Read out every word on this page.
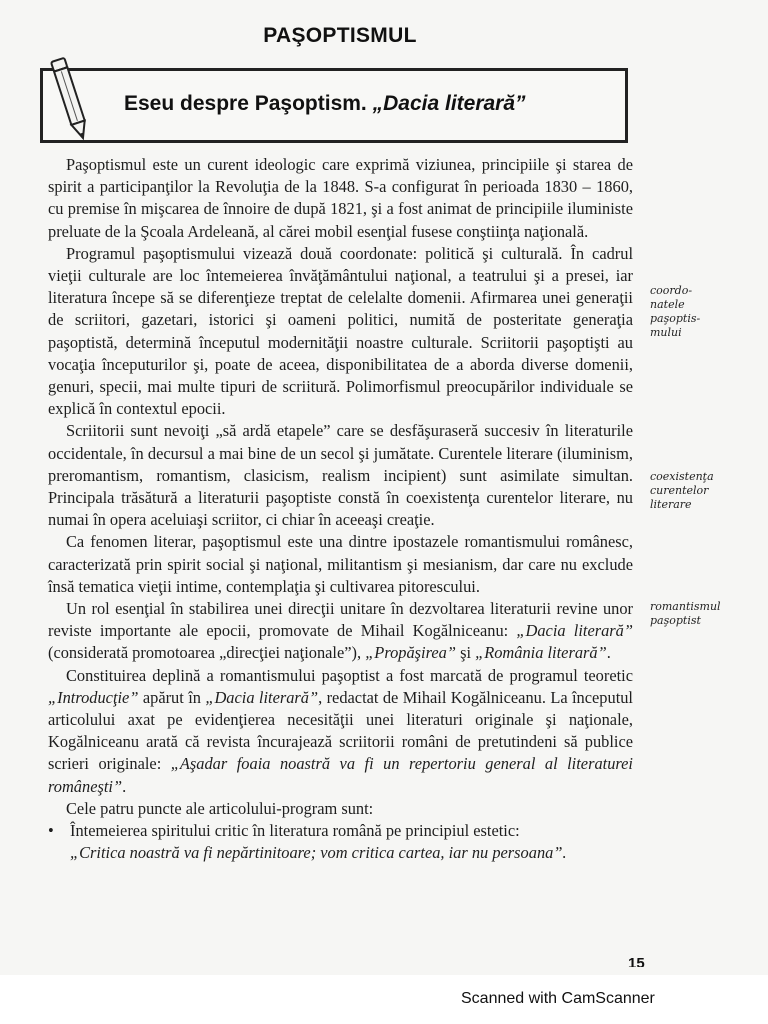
PAŞOPTISMUL
Eseu despre Paşoptism. „Dacia literară”

Paşoptismul este un curent ideologic care exprimă viziunea, principiile şi starea de spirit a participanţilor la Revoluţia de la 1848. S-a configurat în perioada 1830 – 1860, cu premise în mişcarea de înnoire de după 1821, şi a fost animat de principiile iluministe preluate de la Şcoala Ardeleană, al cărei mobil esenţial fusese conştiinţa naţională.

Programul paşoptismului vizează două coordonate: politică şi culturală. În cadrul vieţii culturale are loc întemeierea învăţământului naţional, a teatrului şi a presei, iar literatura începe să se diferenţieze treptat de celelalte domenii. Afirmarea unei generaţii de scriitori, gazetari, istorici şi oameni politici, numită de posteritate generaţia paşoptistă, determină începutul modernităţii noastre culturale. Scriitorii paşoptişti au vocaţia începuturilor şi, poate de aceea, disponibilitatea de a aborda diverse domenii, genuri, specii, mai multe tipuri de scriitură. Polimorfismul preocupărilor individuale se explică în contextul epocii.

Scriitorii sunt nevoiţi „să ardă etapele” care se desfăşuraseră succesiv în literaturile occidentale, în decursul a mai bine de un secol şi jumătate. Curentele literare (iluminism, preromantism, romantism, clasicism, realism incipient) sunt asimilate simultan. Principala trăsătură a literaturii paşoptiste constă în coexistenţa curentelor literare, nu numai în opera aceluiaşi scriitor, ci chiar în aceeaşi creaţie.

Ca fenomen literar, paşoptismul este una dintre ipostazele romantismului românesc, caracterizată prin spirit social şi naţional, militantism şi mesianism, dar care nu exclude însă tematica vieţii intime, contemplaţia şi cultivarea pitorescului.

Un rol esenţial în stabilirea unei direcţii unitare în dezvoltarea literaturii revine unor reviste importante ale epocii, promovate de Mihail Kogălniceanu: „Dacia literară” (considerată promotoarea „direcţiei naţionale”), „Propăşirea” şi „România literară”.

Constituirea deplină a romantismului paşoptist a fost marcată de programul teoretic „Introducţie” apărut în „Dacia literară”, redactat de Mihail Kogălniceanu. La începutul articolului axat pe evidenţierea necesităţii unei literaturi originale şi naţionale, Kogălniceanu arată că revista încurajează scriitorii români de pretutindeni să publice scrieri originale: „Aşadar foaia noastră va fi un repertoriu general al literaturei româneşti”.

Cele patru puncte ale articolului-program sunt:

• Întemeierea spiritului critic în literatura română pe principiul estetic:
„Critica noastră va fi nepărtinitoare; vom critica cartea, iar nu persoana”.
coordo-
natele
paşoptis-
mului
coexistenţa
curentelor
literare
romantismul
paşoptist
15
Scanned with CamScanner
